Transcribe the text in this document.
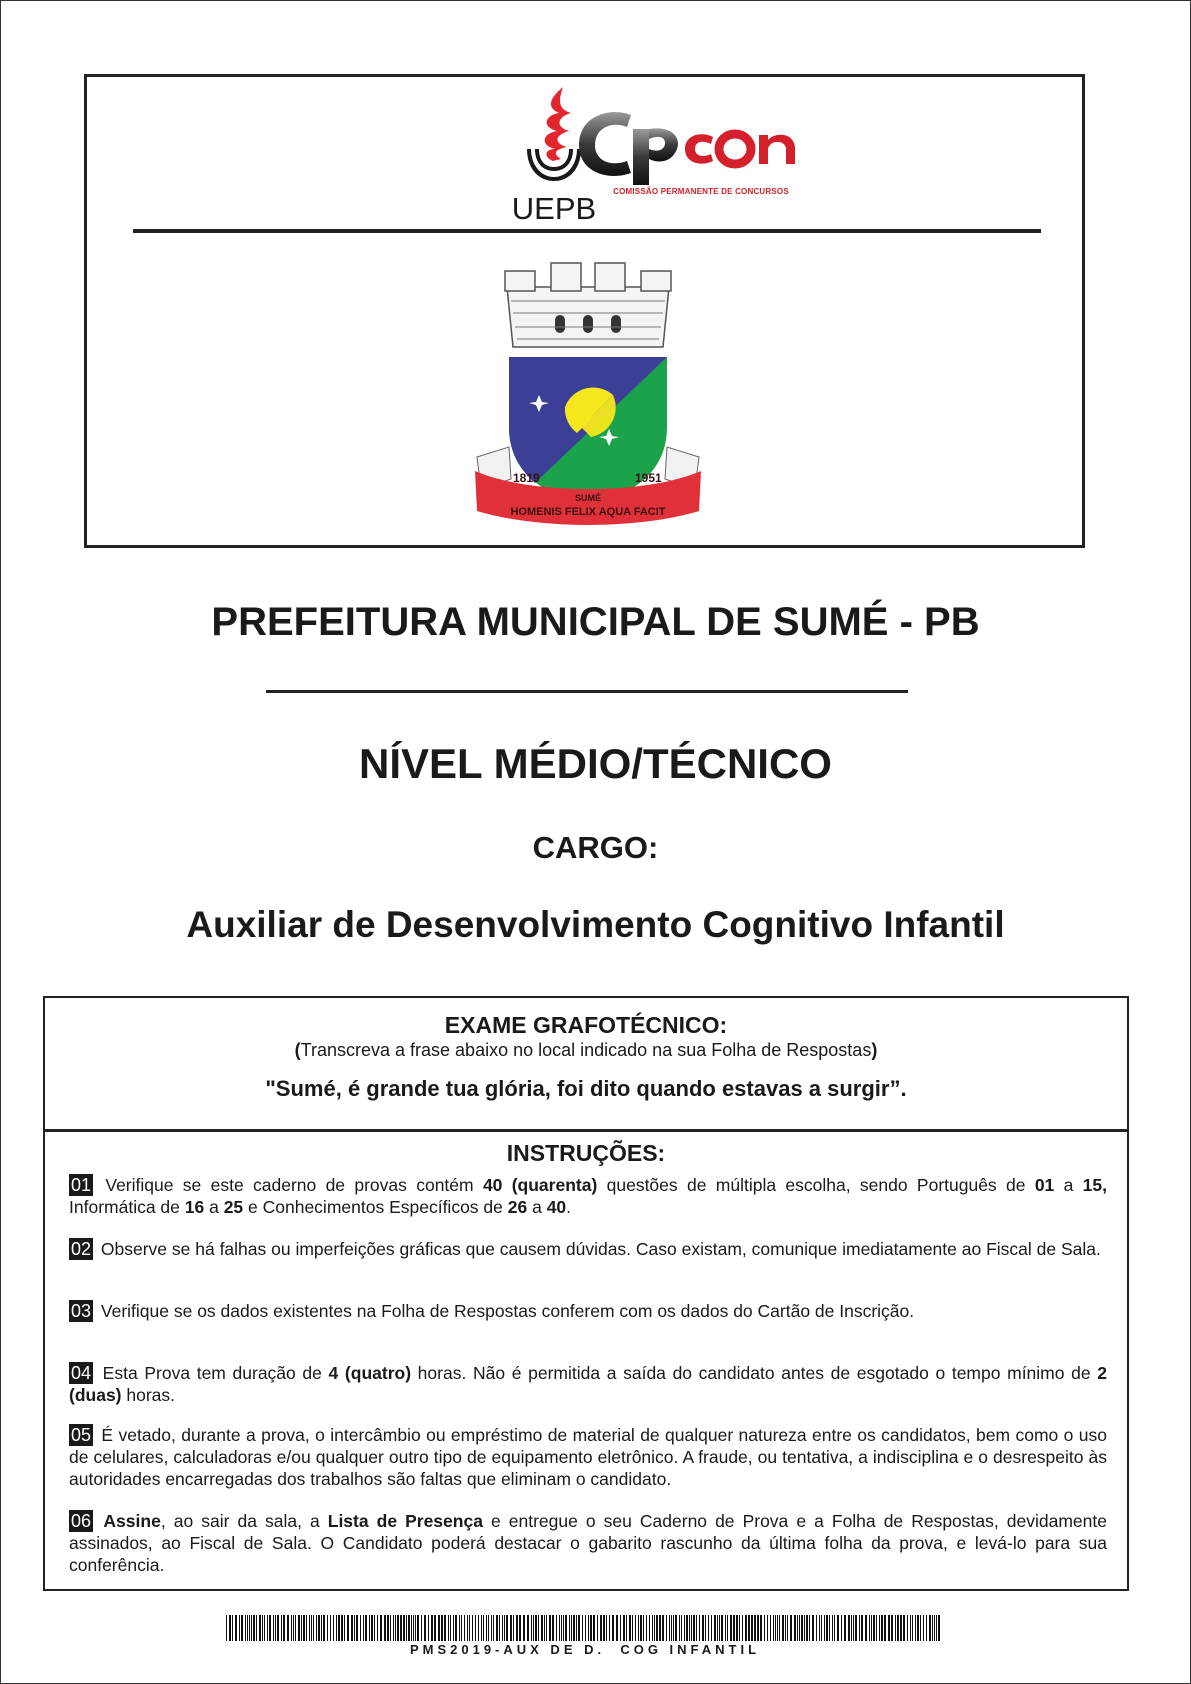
UEPB	COMISSÃO PERMANENTE DE CONCURSOS
1819	1951
SUMÉ
HOMENIS FELIX AQUA FACIT
PREFEITURA MUNICIPAL DE SUMÉ - PB
NÍVEL MÉDIO/TÉCNICO
CARGO:
Auxiliar de Desenvolvimento Cognitivo Infantil
EXAME GRAFOTÉCNICO:
(Transcreva a frase abaixo no local indicado na sua Folha de Respostas)
"Sumé, é grande tua glória, foi dito quando estavas a surgir”.
INSTRUÇÕES:
01 Verifique se este caderno de provas contém 40 (quarenta) questões de múltipla escolha, sendo Português de 01 a 15, Informática de 16 a 25 e Conhecimentos Específicos de 26 a 40.
02 Observe se há falhas ou imperfeições gráficas que causem dúvidas. Caso existam, comunique imediatamente ao Fiscal de Sala.
03 Verifique se os dados existentes na Folha de Respostas conferem com os dados do Cartão de Inscrição.
04 Esta Prova tem duração de 4 (quatro) horas. Não é permitida a saída do candidato antes de esgotado o tempo mínimo de 2 (duas) horas.
05 É vetado, durante a prova, o intercâmbio ou empréstimo de material de qualquer natureza entre os candidatos, bem como o uso de celulares, calculadoras e/ou qualquer outro tipo de equipamento eletrônico. A fraude, ou tentativa, a indisciplina e o desrespeito às autoridades encarregadas dos trabalhos são faltas que eliminam o candidato.
06 Assine, ao sair da sala, a Lista de Presença e entregue o seu Caderno de Prova e a Folha de Respostas, devidamente assinados, ao Fiscal de Sala. O Candidato poderá destacar o gabarito rascunho da última folha da prova, e levá-lo para sua conferência.
PMS2019-AUX DE D.  COG INFANTIL
